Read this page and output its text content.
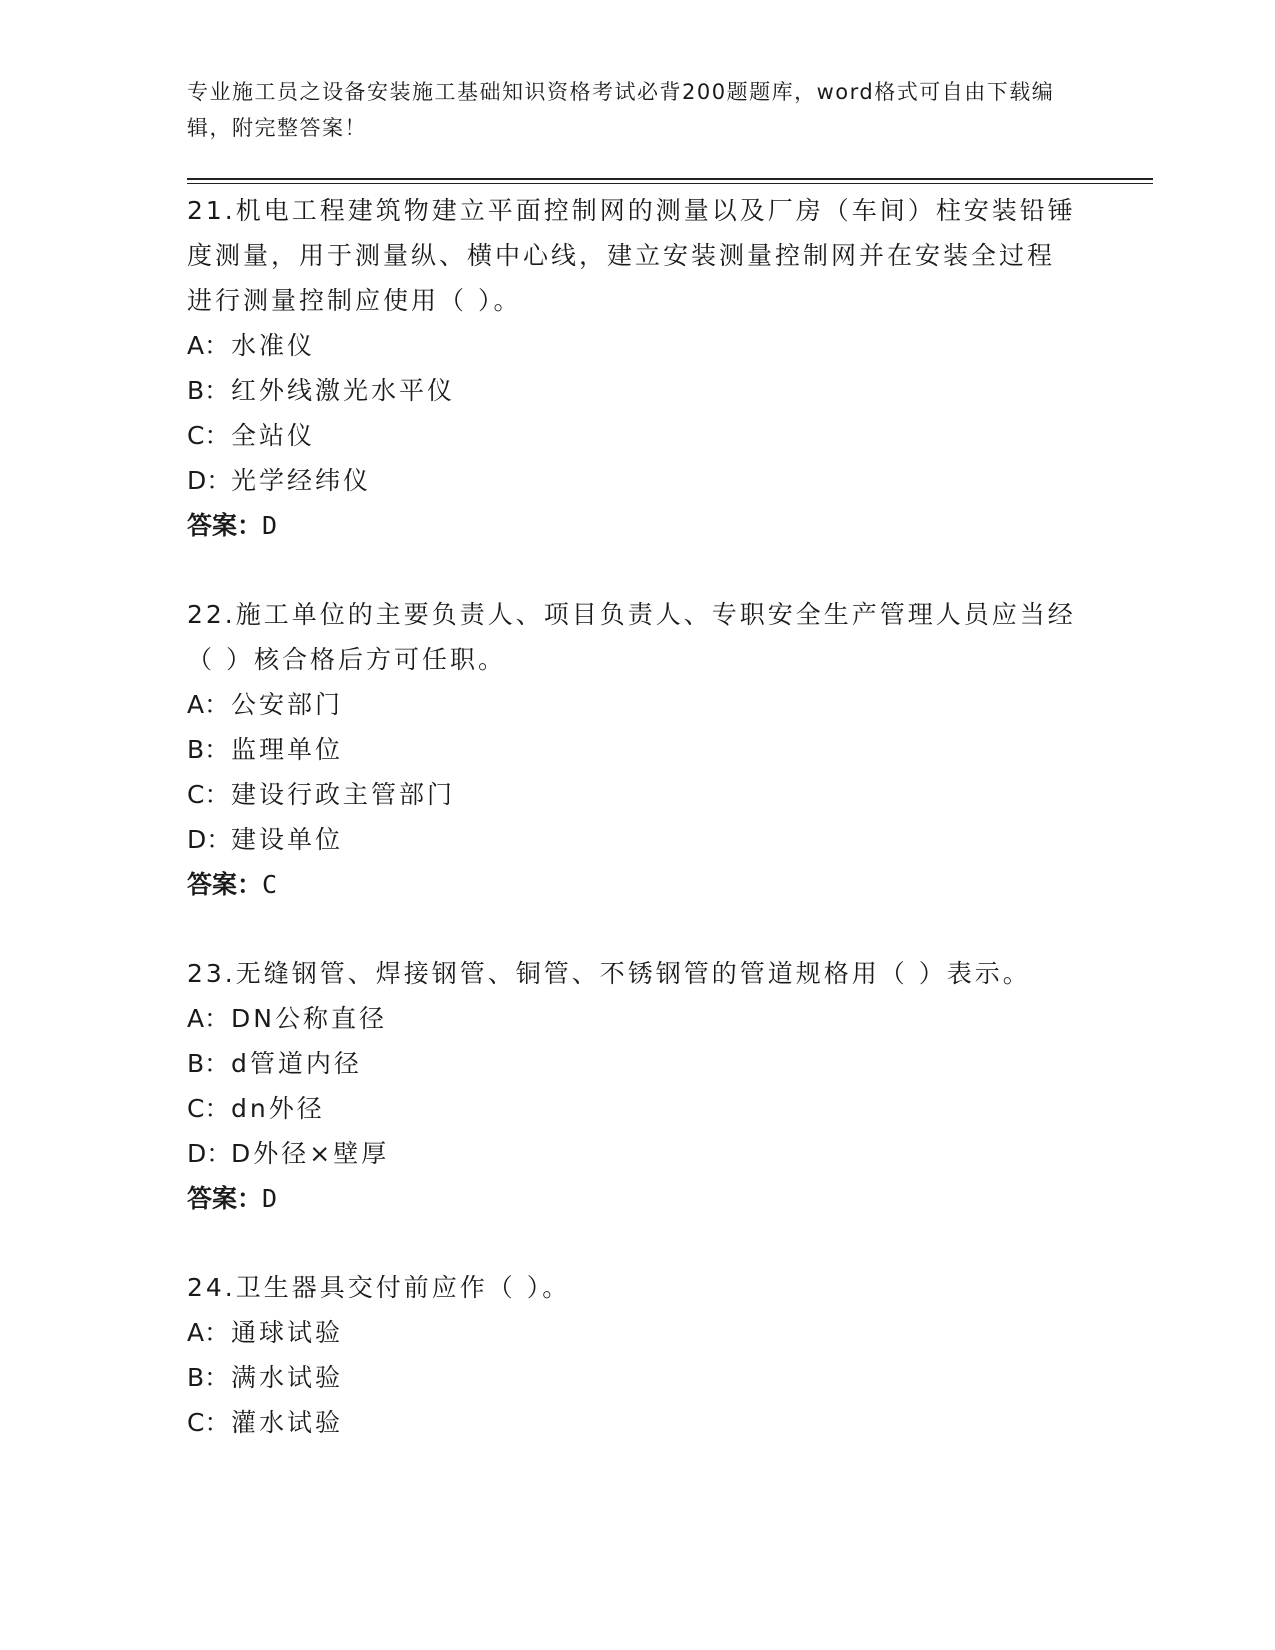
专业施工员之设备安装施工基础知识资格考试必背200题题库，word格式可自由下载编辑，附完整答案！

21.机电工程建筑物建立平面控制网的测量以及厂房（车间）柱安装铅锤度测量，用于测量纵、横中心线，建立安装测量控制网并在安装全过程进行测量控制应使用（ ）。

A：水准仪

B：红外线激光水平仪

C：全站仪

D：光学经纬仪

答案：D

22.施工单位的主要负责人、项目负责人、专职安全生产管理人员应当经（ ）核合格后方可任职。

A：公安部门

B：监理单位

C：建设行政主管部门

D：建设单位

答案：C

23.无缝钢管、焊接钢管、铜管、不锈钢管的管道规格用（ ）表示。

A：DN公称直径

B：d管道内径

C：dn外径

D：D外径×壁厚

答案：D

24.卫生器具交付前应作（ ）。

A：通球试验

B：满水试验

C：灌水试验
